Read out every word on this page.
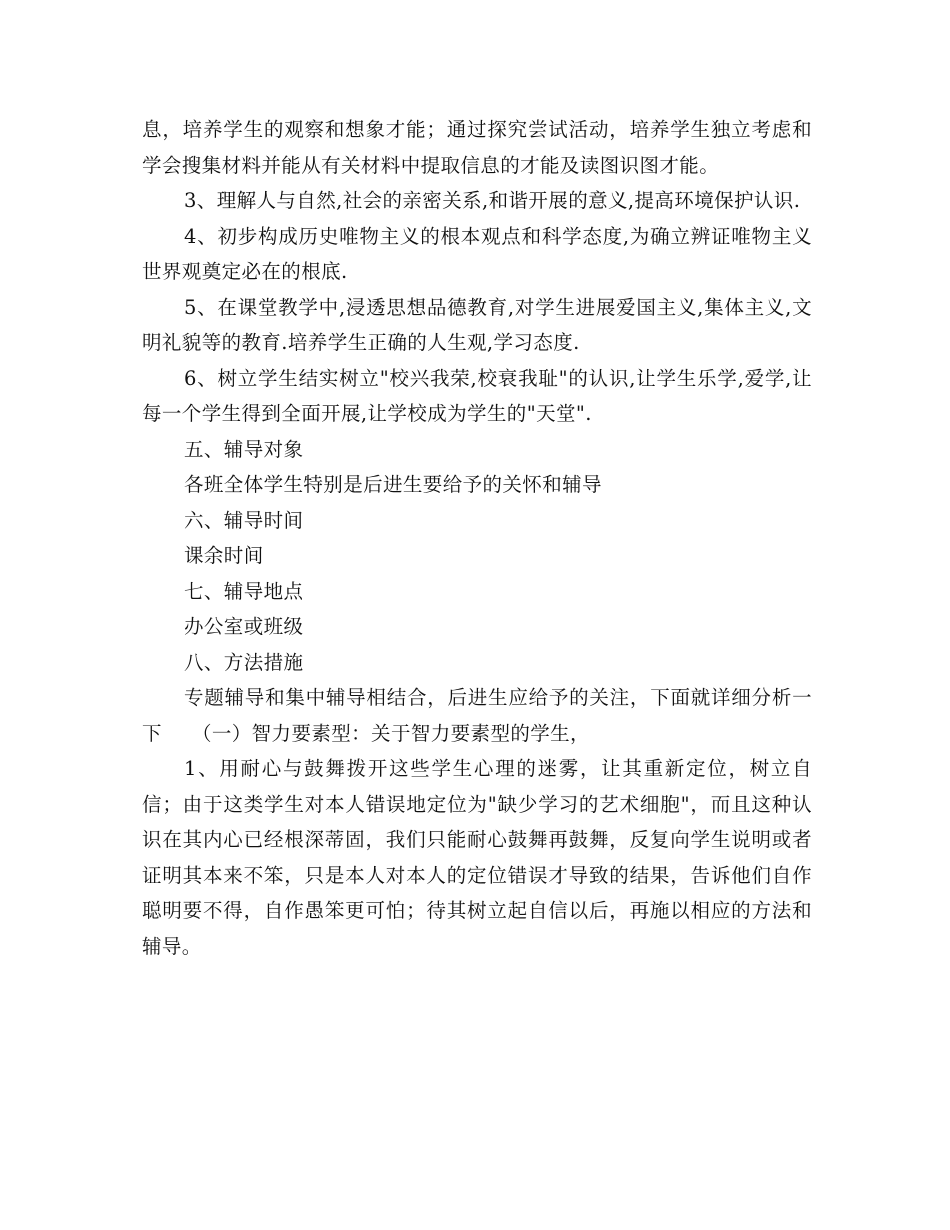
息，培养学生的观察和想象才能；通过探究尝试活动，培养学生独立考虑和学会搜集材料并能从有关材料中提取信息的才能及读图识图才能。

3、理解人与自然,社会的亲密关系,和谐开展的意义,提高环境保护认识.

4、初步构成历史唯物主义的根本观点和科学态度,为确立辨证唯物主义世界观奠定必在的根底.

5、在课堂教学中,浸透思想品德教育,对学生进展爱国主义,集体主义,文明礼貌等的教育.培养学生正确的人生观,学习态度.

6、树立学生结实树立"校兴我荣,校衰我耻"的认识,让学生乐学,爱学,让每一个学生得到全面开展,让学校成为学生的"天堂".

五、辅导对象

各班全体学生特别是后进生要给予的关怀和辅导

六、辅导时间

课余时间

七、辅导地点

办公室或班级

八、方法措施

专题辅导和集中辅导相结合，后进生应给予的关注，下面就详细分析一下　　（一）智力要素型：关于智力要素型的学生，

1、用耐心与鼓舞拨开这些学生心理的迷雾，让其重新定位，树立自信；由于这类学生对本人错误地定位为"缺少学习的艺术细胞"，而且这种认识在其内心已经根深蒂固，我们只能耐心鼓舞再鼓舞，反复向学生说明或者证明其本来不笨，只是本人对本人的定位错误才导致的结果，告诉他们自作聪明要不得，自作愚笨更可怕；待其树立起自信以后，再施以相应的方法和辅导。
